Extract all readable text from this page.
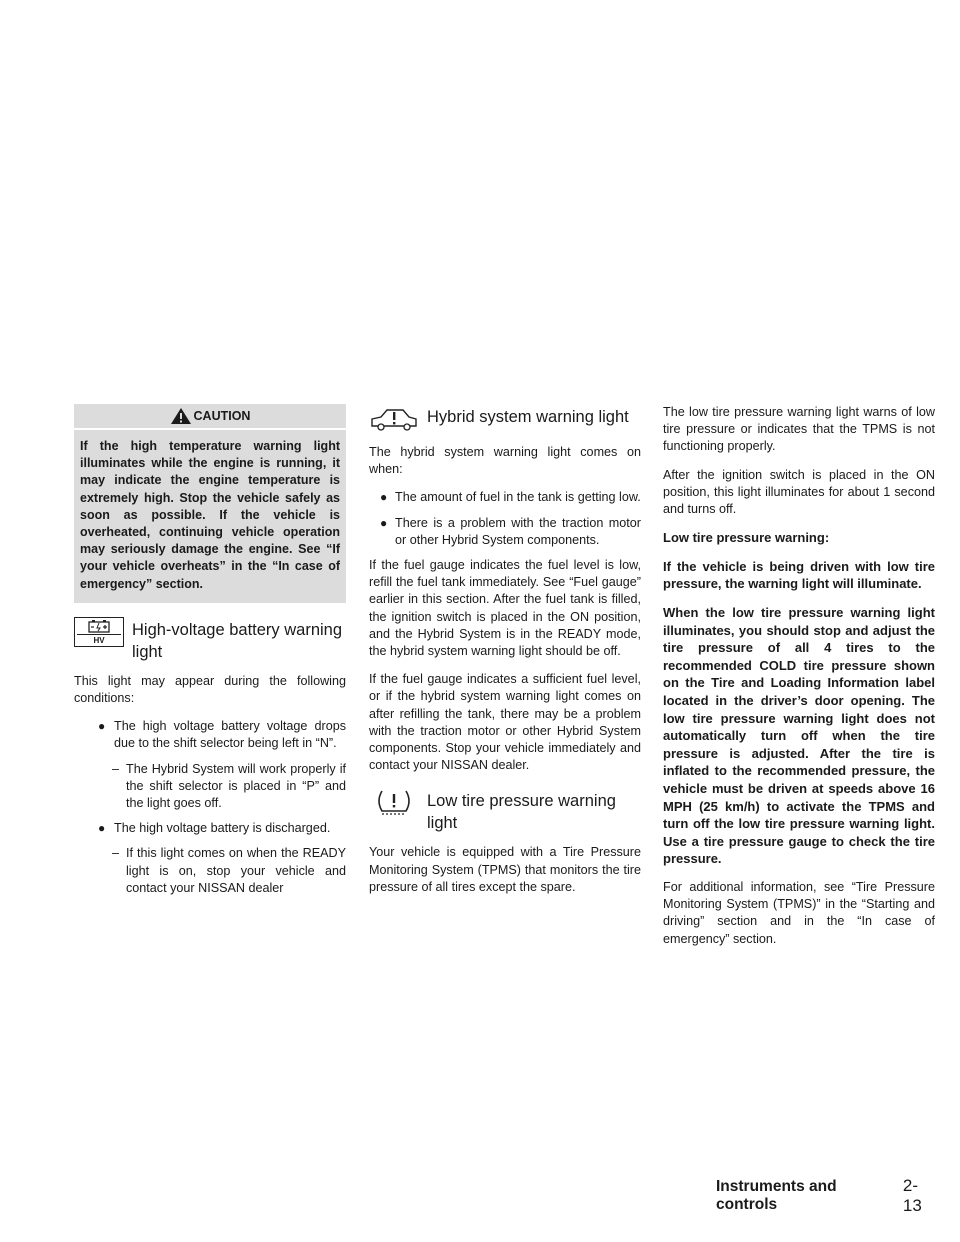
CAUTION

If the high temperature warning light illuminates while the engine is running, it may indicate the engine temperature is extremely high. Stop the vehicle safely as soon as possible. If the vehicle is overheated, continuing vehicle operation may seriously damage the engine. See “If your vehicle overheats” in the “In case of emergency” section.

HV
High-voltage battery warning light

This light may appear during the following conditions:

● The high voltage battery voltage drops due to the shift selector being left in “N”.
– The Hybrid System will work properly if the shift selector is placed in “P” and the light goes off.
● The high voltage battery is discharged.
– If this light comes on when the READY light is on, stop your vehicle and contact your NISSAN dealer
Hybrid system warning light

The hybrid system warning light comes on when:

● The amount of fuel in the tank is getting low.
● There is a problem with the traction motor or other Hybrid System components.

If the fuel gauge indicates the fuel level is low, refill the fuel tank immediately. See “Fuel gauge” earlier in this section. After the fuel tank is filled, the ignition switch is placed in the ON position, and the Hybrid System is in the READY mode, the hybrid system warning light should be off.

If the fuel gauge indicates a sufficient fuel level, or if the hybrid system warning light comes on after refilling the tank, there may be a problem with the traction motor or other Hybrid System components. Stop your vehicle immediately and contact your NISSAN dealer.

Low tire pressure warning light

Your vehicle is equipped with a Tire Pressure Monitoring System (TPMS) that monitors the tire pressure of all tires except the spare.

The low tire pressure warning light warns of low tire pressure or indicates that the TPMS is not functioning properly.

After the ignition switch is placed in the ON position, this light illuminates for about 1 second and turns off.

Low tire pressure warning:

If the vehicle is being driven with low tire pressure, the warning light will illuminate.

When the low tire pressure warning light illuminates, you should stop and adjust the tire pressure of all 4 tires to the recommended COLD tire pressure shown on the Tire and Loading Information label located in the driver’s door opening. The low tire pressure warning light does not automatically turn off when the tire pressure is adjusted. After the tire is inflated to the recommended pressure, the vehicle must be driven at speeds above 16 MPH (25 km/h) to activate the TPMS and turn off the low tire pressure warning light. Use a tire pressure gauge to check the tire pressure.

For additional information, see “Tire Pressure Monitoring System (TPMS)” in the “Starting and driving” section and in the “In case of emergency” section.

Instruments and controls
2-13
